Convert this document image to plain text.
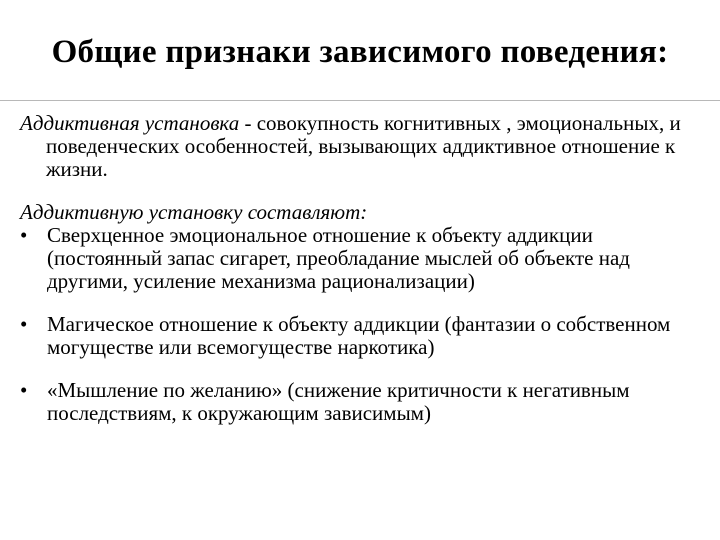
Общие признаки зависимого поведения:

Аддиктивная установка - совокупность когнитивных , эмоциональных, и поведенческих особенностей, вызывающих аддиктивное отношение к жизни.

Аддиктивную установку составляют:

• Сверхценное эмоциональное отношение к объекту аддикции (постоянный запас сигарет, преобладание мыслей об объекте над другими, усиление механизма рационализации)

• Магическое отношение к объекту аддикции (фантазии о собственном могуществе или всемогуществе наркотика)

• «Мышление по желанию» (снижение критичности к негативным последствиям, к окружающим зависимым)
